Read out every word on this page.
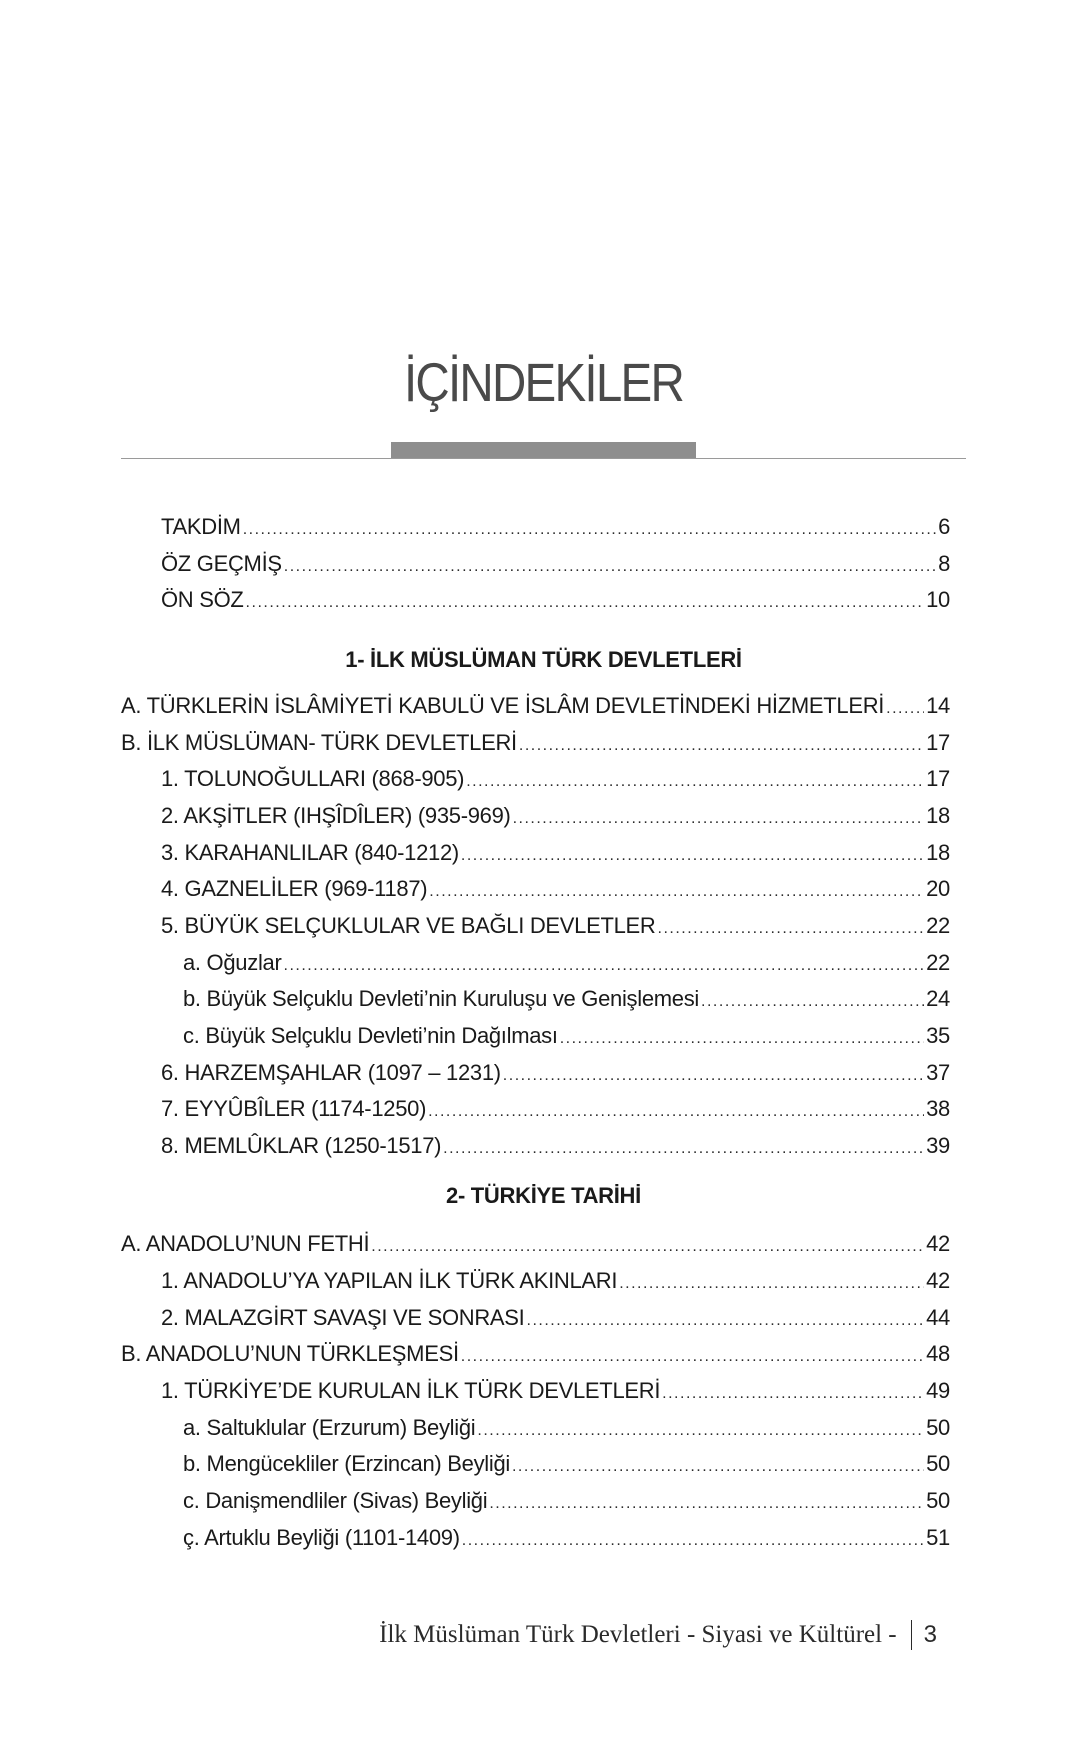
İÇİNDEKİLER
TAKDİM .....	6
ÖZ GEÇMİŞ .....	8
ÖN SÖZ .....	10
1- İLK MÜSLÜMAN TÜRK DEVLETLERİ
A. TÜRKLERİN İSLÂMİYETİ KABULÜ VE İSLÂM DEVLETİNDEKİ HİZMETLERİ ..... 14
B. İLK MÜSLÜMAN- TÜRK DEVLETLERİ .....	17
1. TOLUNOĞULLARI (868-905) .....	17
2. AKŞİTLER (IHŞÎDÎLER) (935-969) .....	18
3. KARAHANLILAR (840-1212) .....	18
4. GAZNELİLER (969-1187) .....	20
5. BÜYÜK SELÇUKLULAR VE BAĞLI DEVLETLER .....	22
a. Oğuzlar .....	22
b. Büyük Selçuklu Devleti’nin Kuruluşu ve Genişlemesi .....	24
c. Büyük Selçuklu Devleti’nin Dağılması .....	35
6. HARZEMŞAHLAR (1097 – 1231) .....	37
7. EYYÛBÎLER (1174-1250) .....	38
8. MEMLÛKLAR (1250-1517) .....	39
2- TÜRKİYE TARİHİ
A. ANADOLU’NUN FETHİ .....	42
1. ANADOLU’YA YAPILAN İLK TÜRK AKINLARI .....	42
2. MALAZGİRT SAVAŞI VE SONRASI .....	44
B. ANADOLU’NUN TÜRKLEŞMESİ .....	48
1. TÜRKİYE’DE KURULAN İLK TÜRK DEVLETLERİ .....	49
a. Saltuklular (Erzurum) Beyliği .....	50
b. Mengücekliler (Erzincan) Beyliği .....	50
c. Danişmendliler (Sivas) Beyliği .....	50
ç. Artuklu Beyliği (1101-1409) .....	51
İlk Müslüman Türk Devletleri - Siyasi ve Kültürel - 3
